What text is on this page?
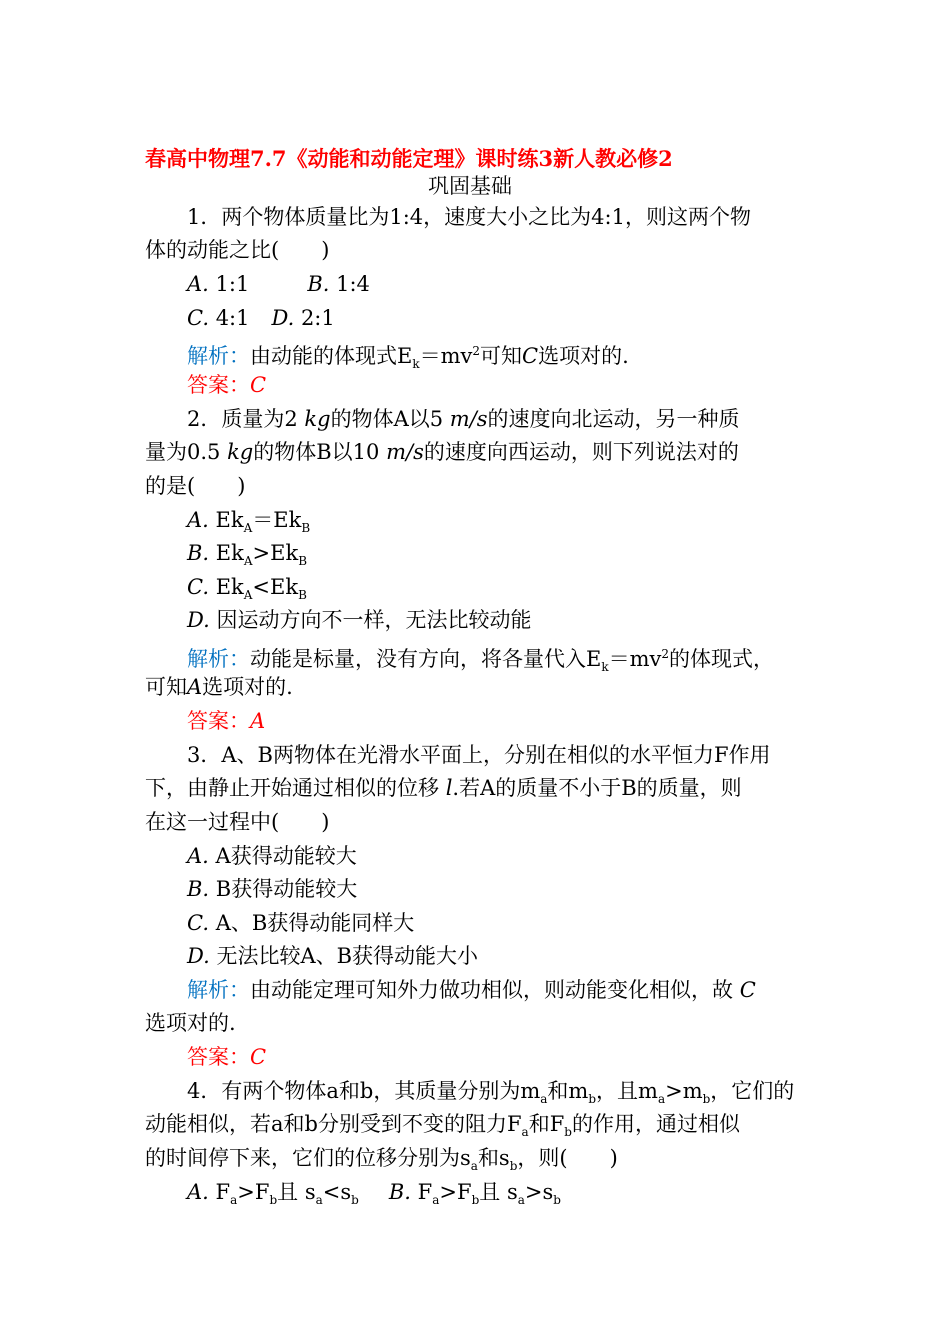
春高中物理7.7《动能和动能定理》课时练3新人教必修2
巩固基础
1．两个物体质量比为1:4，速度大小之比为4:1，则这两个物
体的动能之比(　　)
A. 1:1	B. 1:4
C. 4:1 D. 2:1
解析：由动能的体现式$E_k=mv^2$可知C选项对的.
答案：C
2．质量为2 kg的物体A以5 m/s的速度向北运动，另一种质
量为0.5 kg的物体B以10 m/s的速度向西运动，则下列说法对的
的是(　　)
A. $Ek_A=Ek_B$
B. $Ek_A>Ek_B$
C. $Ek_A<Ek_B$
D. 因运动方向不一样，无法比较动能
解析：动能是标量，没有方向，将各量代入$E_k=mv^2$的体现式，
可知A选项对的.
答案：A
3．A、B两物体在光滑水平面上，分别在相似的水平恒力F作用
下，由静止开始通过相似的位移 l.若A的质量不小于B的质量，则
在这一过程中(　　)
A. A获得动能较大
B. B获得动能较大
C. A、B获得动能同样大
D. 无法比较A、B获得动能大小
解析：由动能定理可知外力做功相似，则动能变化相似，故 C
选项对的.
答案：C
4．有两个物体a和b，其质量分别为$m_a$和$m_b$，且$m_a>m_b$，它们的
动能相似，若a和b分别受到不变的阻力$F_a$和$F_b$的作用，通过相似
的时间停下来，它们的位移分别为$s_a$和$s_b$，则(　　)
A. $F_a>F_b$且 $s_a<s_b$ B. $F_a>F_b$且 $s_a>s_b$
